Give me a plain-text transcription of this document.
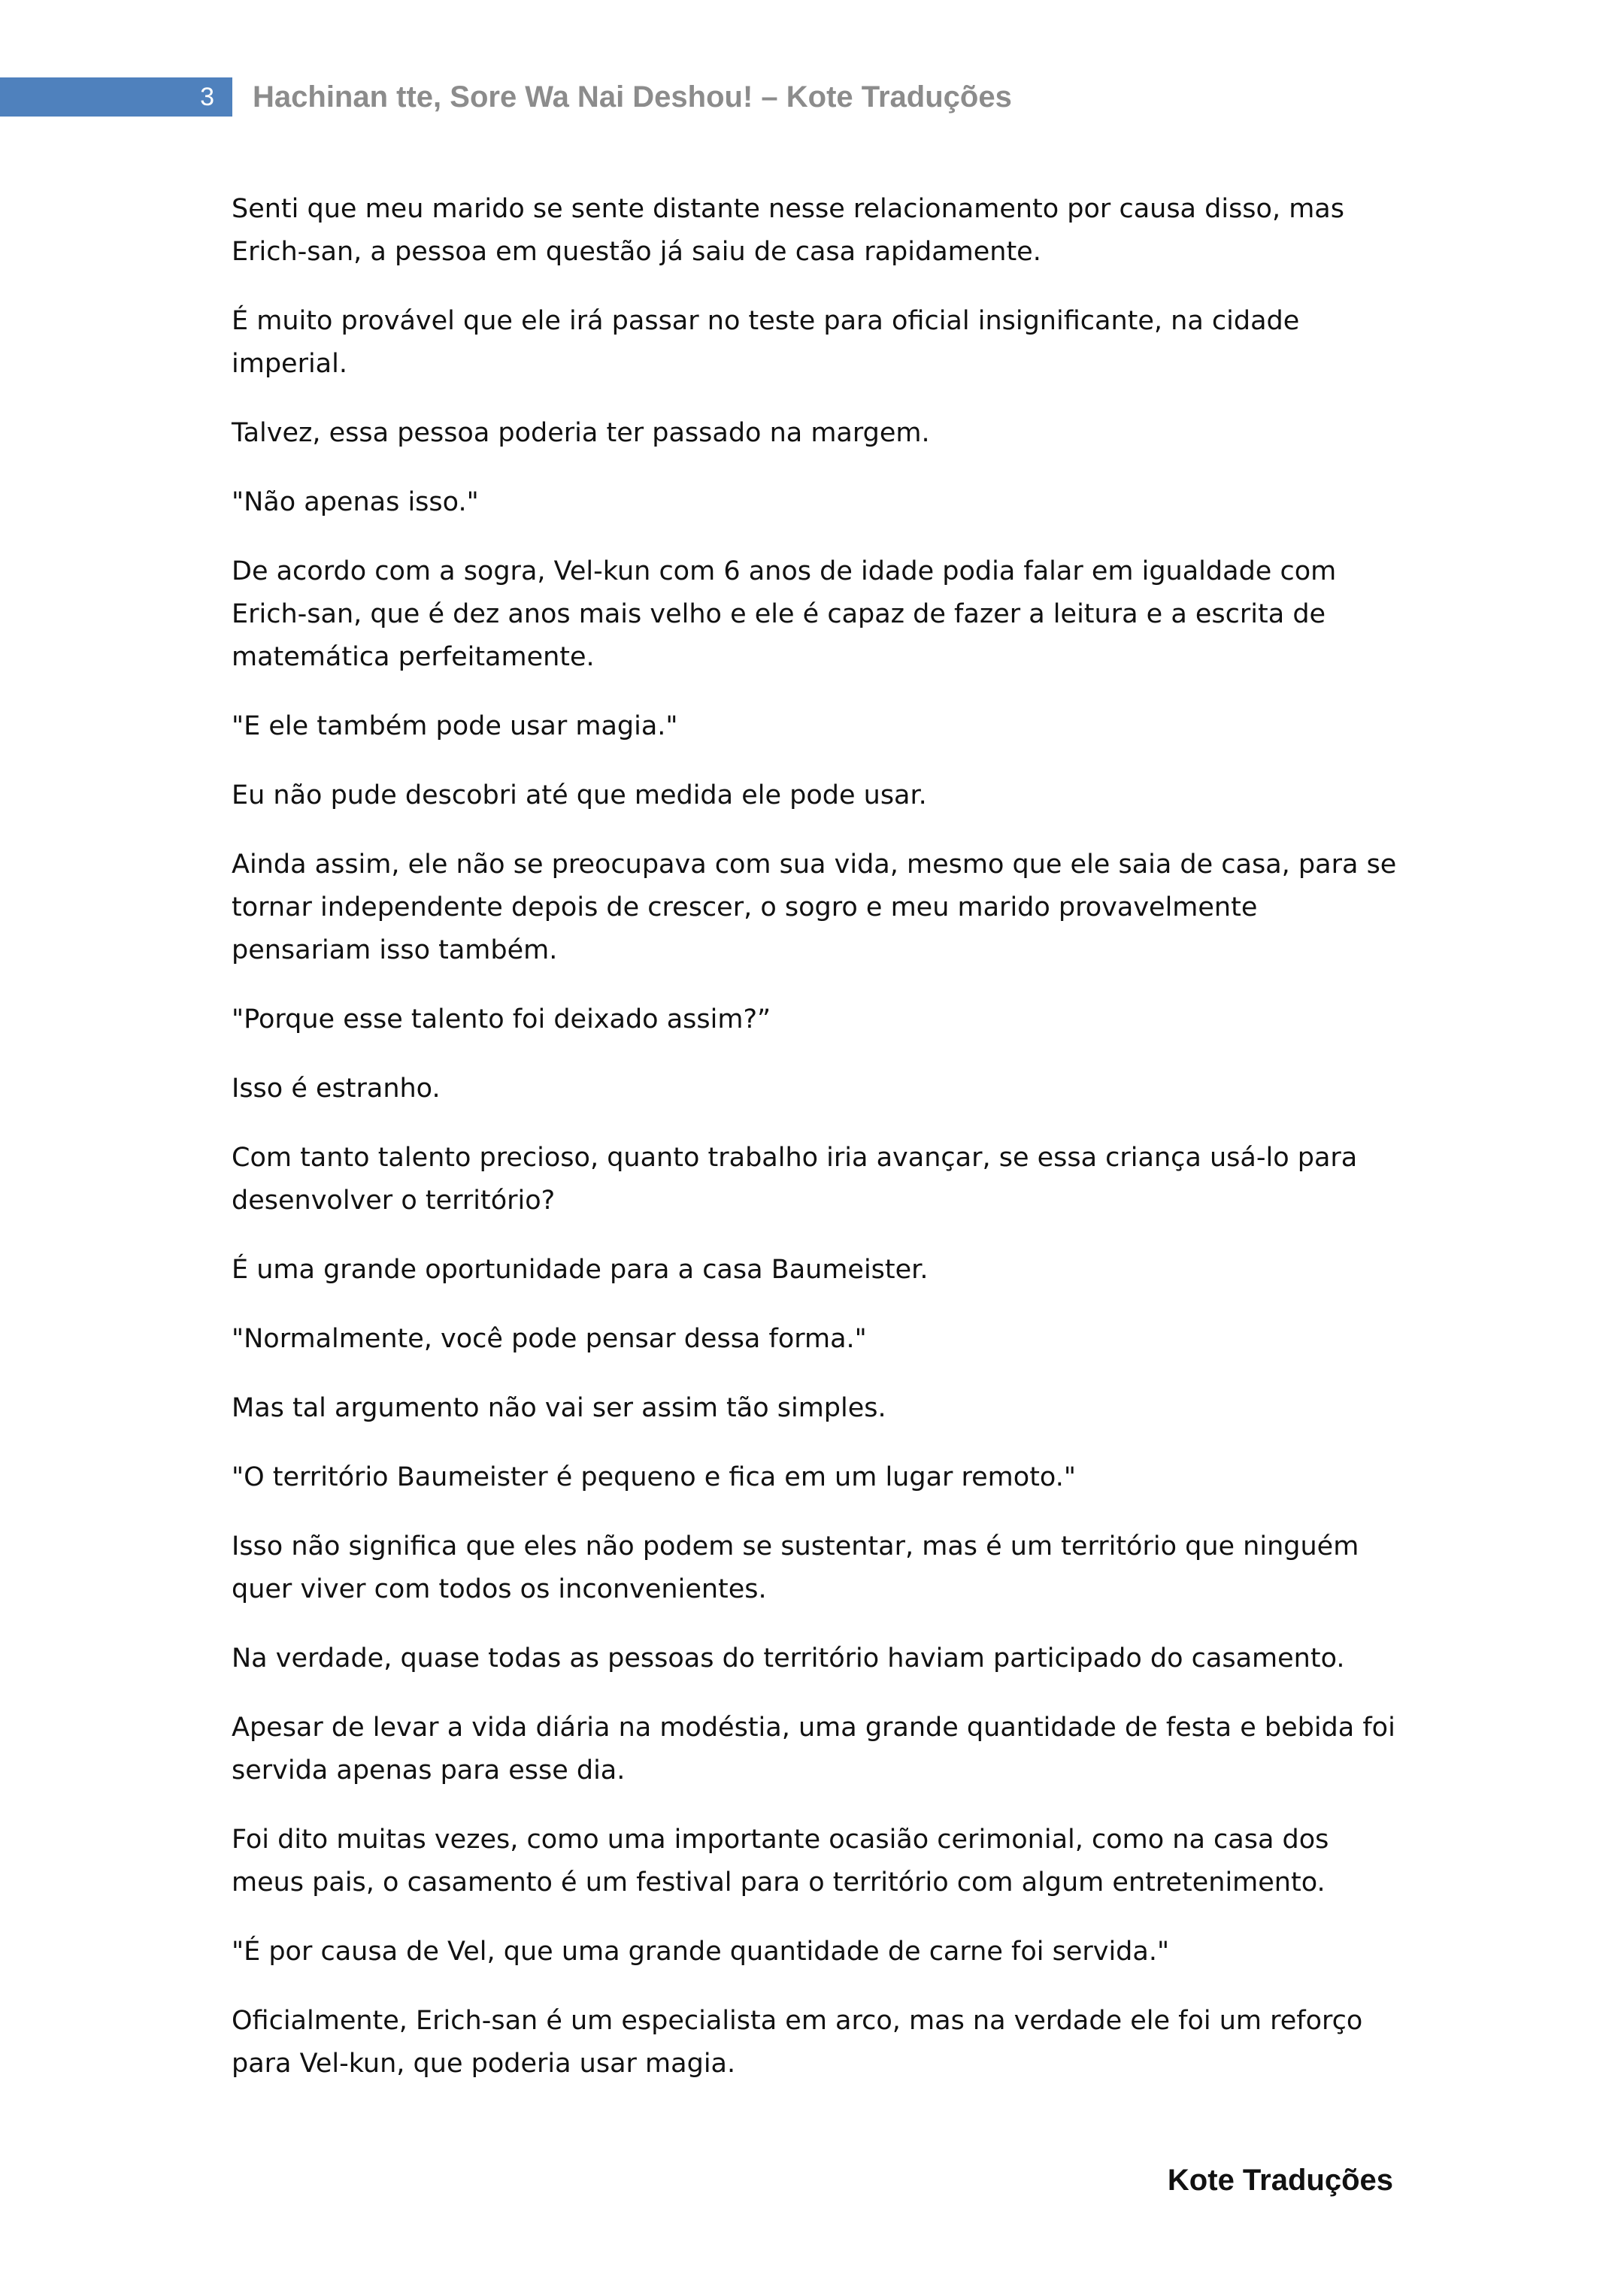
3 Hachinan tte, Sore Wa Nai Deshou! – Kote Traduções

Senti que meu marido se sente distante nesse relacionamento por causa disso, mas Erich-san, a pessoa em questão já saiu de casa rapidamente.

É muito provável que ele irá passar no teste para oficial insignificante, na cidade imperial.

Talvez, essa pessoa poderia ter passado na margem.

"Não apenas isso."

De acordo com a sogra, Vel-kun com 6 anos de idade podia falar em igualdade com Erich-san, que é dez anos mais velho e ele é capaz de fazer a leitura e a escrita de matemática perfeitamente.

"E ele também pode usar magia."

Eu não pude descobri até que medida ele pode usar.

Ainda assim, ele não se preocupava com sua vida, mesmo que ele saia de casa, para se tornar independente depois de crescer, o sogro e meu marido provavelmente pensariam isso também.

"Porque esse talento foi deixado assim?”

Isso é estranho.

Com tanto talento precioso, quanto trabalho iria avançar, se essa criança usá-lo para desenvolver o território?

É uma grande oportunidade para a casa Baumeister.

"Normalmente, você pode pensar dessa forma."

Mas tal argumento não vai ser assim tão simples.

"O território Baumeister é pequeno e fica em um lugar remoto."

Isso não significa que eles não podem se sustentar, mas é um território que ninguém quer viver com todos os inconvenientes.

Na verdade, quase todas as pessoas do território haviam participado do casamento.

Apesar de levar a vida diária na modéstia, uma grande quantidade de festa e bebida foi servida apenas para esse dia.

Foi dito muitas vezes, como uma importante ocasião cerimonial, como na casa dos meus pais, o casamento é um festival para o território com algum entretenimento.

"É por causa de Vel, que uma grande quantidade de carne foi servida."

Oficialmente, Erich-san é um especialista em arco, mas na verdade ele foi um reforço para Vel-kun, que poderia usar magia.

Kote Traduções
